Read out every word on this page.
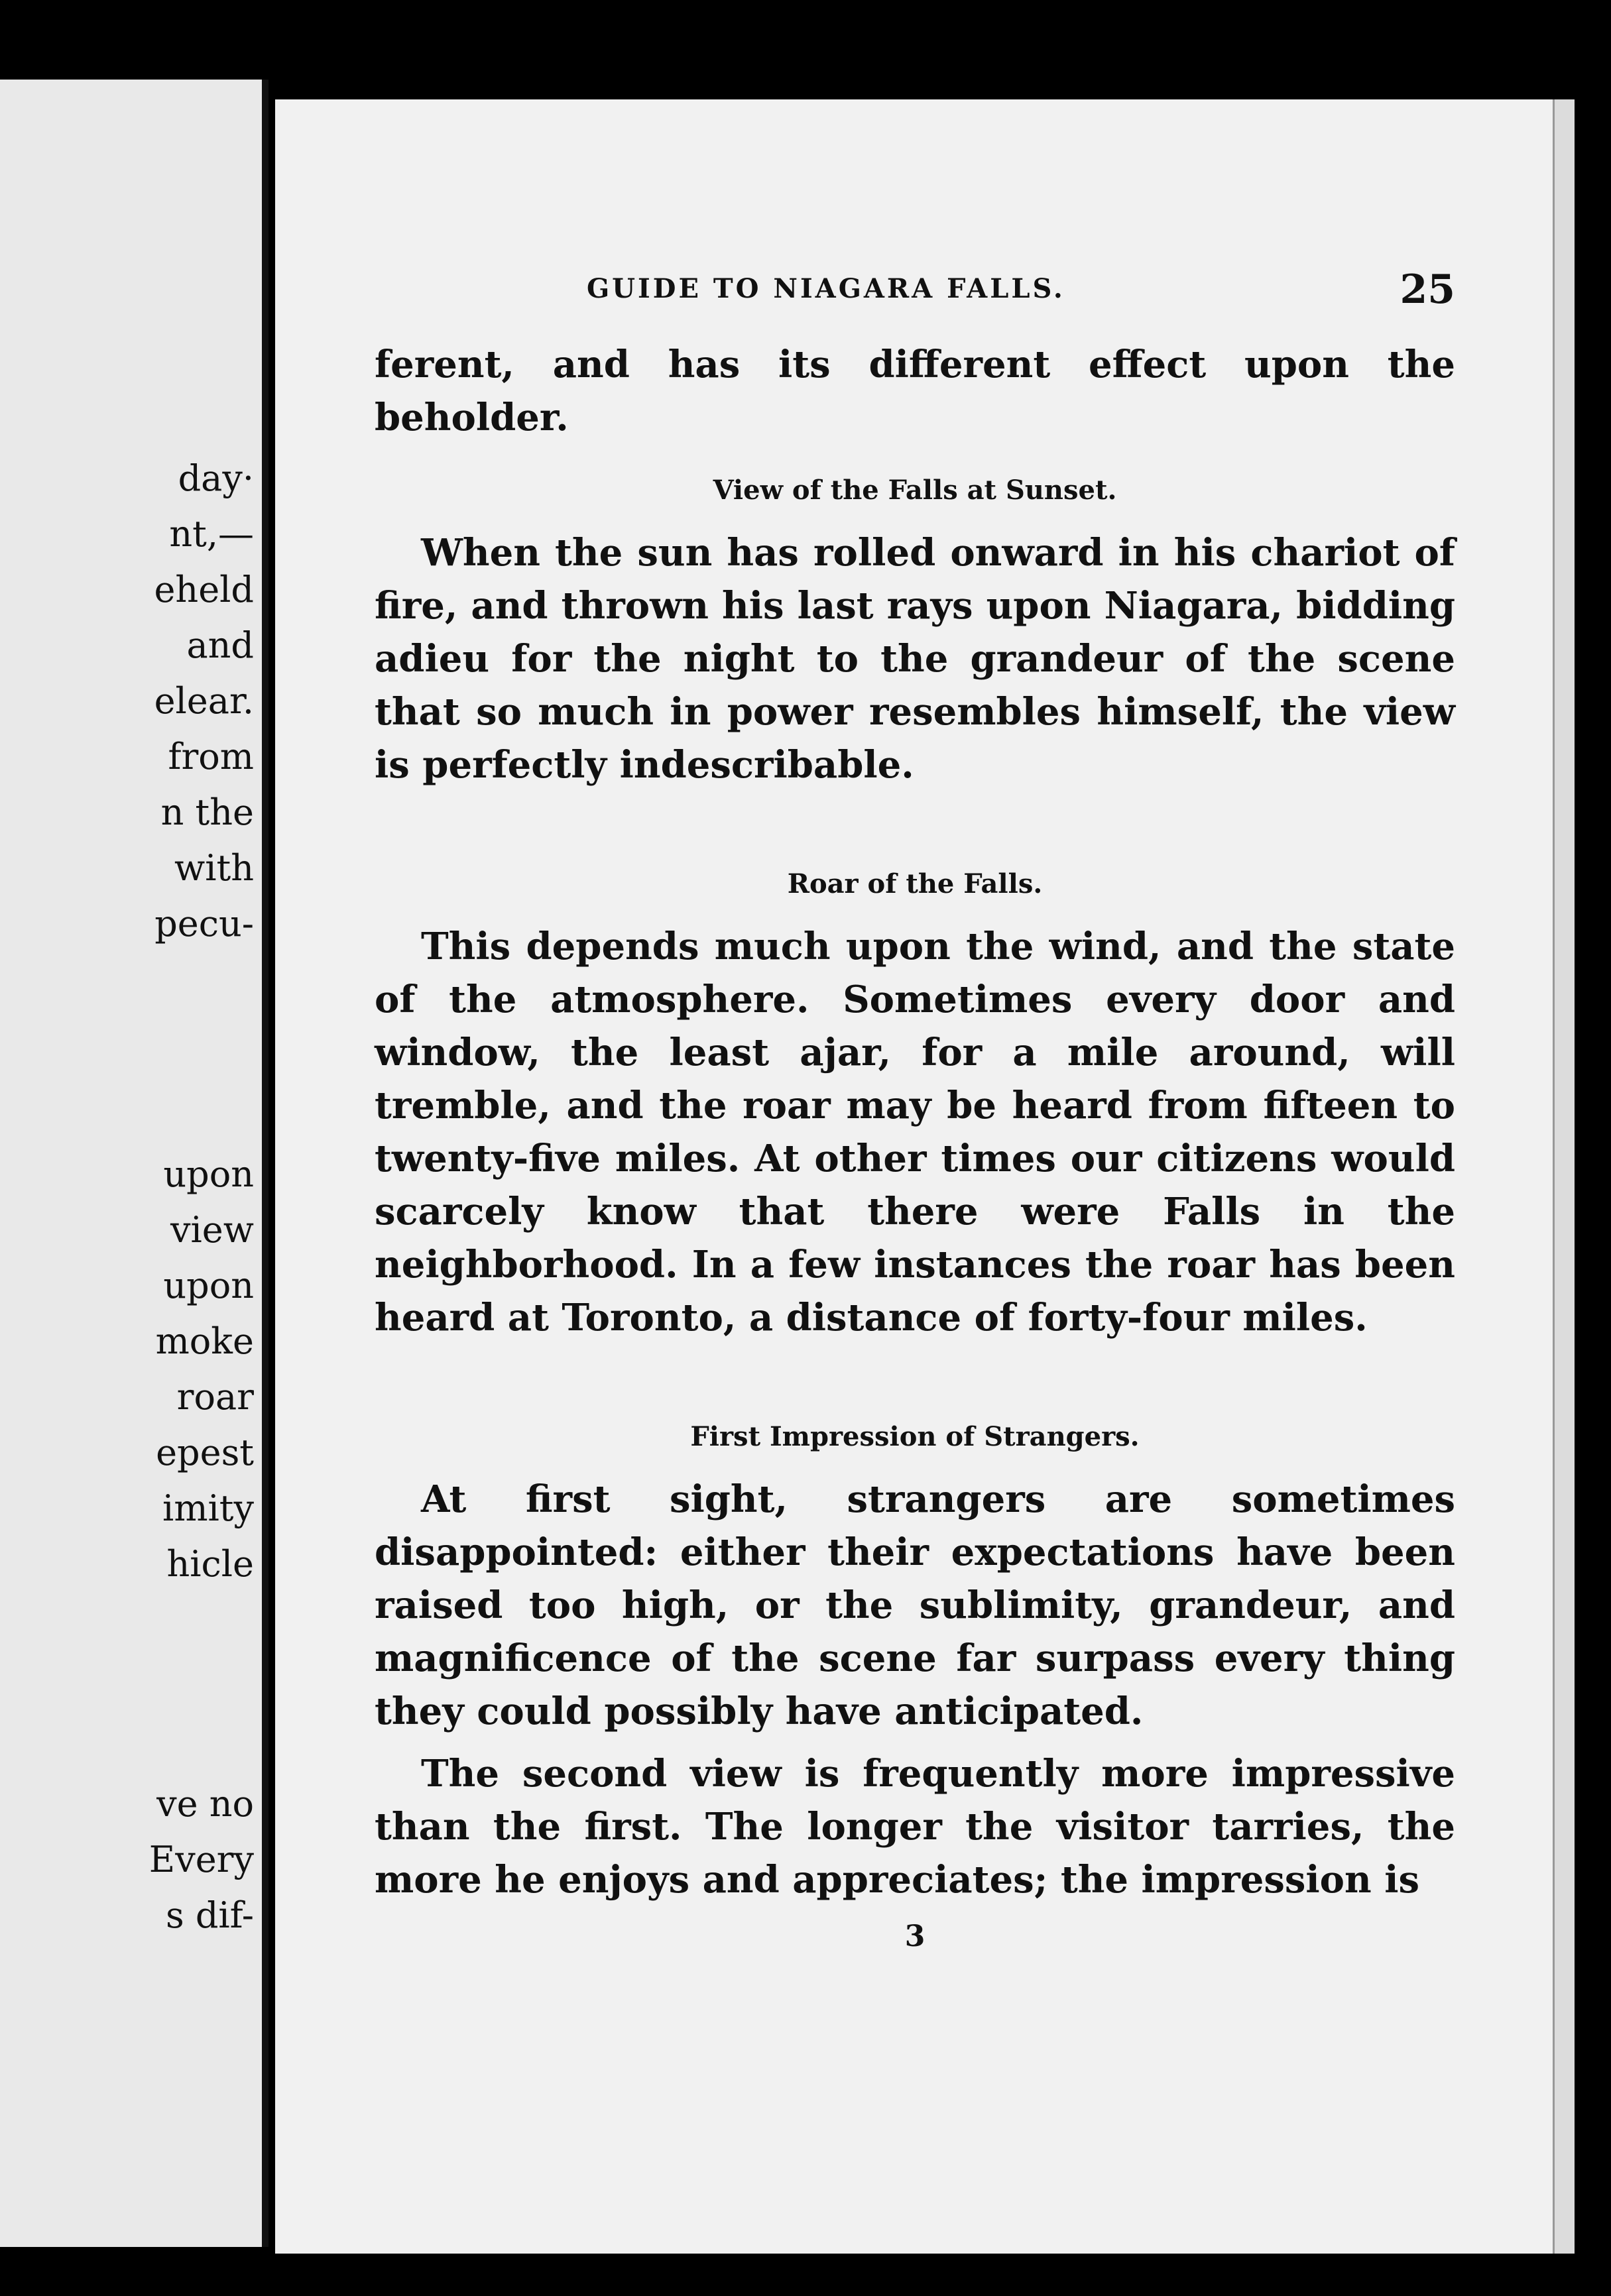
day·
nt,—
eheld
and
elear.
from
n the
with
pecu-
upon
view
upon
moke
roar
epest
imity
hicle
ve no
Every
s dif-
GUIDE TO NIAGARA FALLS.	25

ferent, and has its different effect upon the beholder.

View of the Falls at Sunset.

When the sun has rolled onward in his chariot of fire, and thrown his last rays upon Niagara, bidding adieu for the night to the grandeur of the scene that so much in power resembles himself, the view is perfectly indescribable.

Roar of the Falls.

This depends much upon the wind, and the state of the atmosphere. Sometimes every door and window, the least ajar, for a mile around, will tremble, and the roar may be heard from fifteen to twenty-five miles. At other times our citizens would scarcely know that there were Falls in the neighborhood. In a few instances the roar has been heard at Toronto, a distance of forty-four miles.

First Impression of Strangers.

At first sight, strangers are sometimes disappointed: either their expectations have been raised too high, or the sublimity, grandeur, and magnificence of the scene far surpass every thing they could possibly have anticipated.

The second view is frequently more impressive than the first. The longer the visitor tarries, the more he enjoys and appreciates; the impression is

3
